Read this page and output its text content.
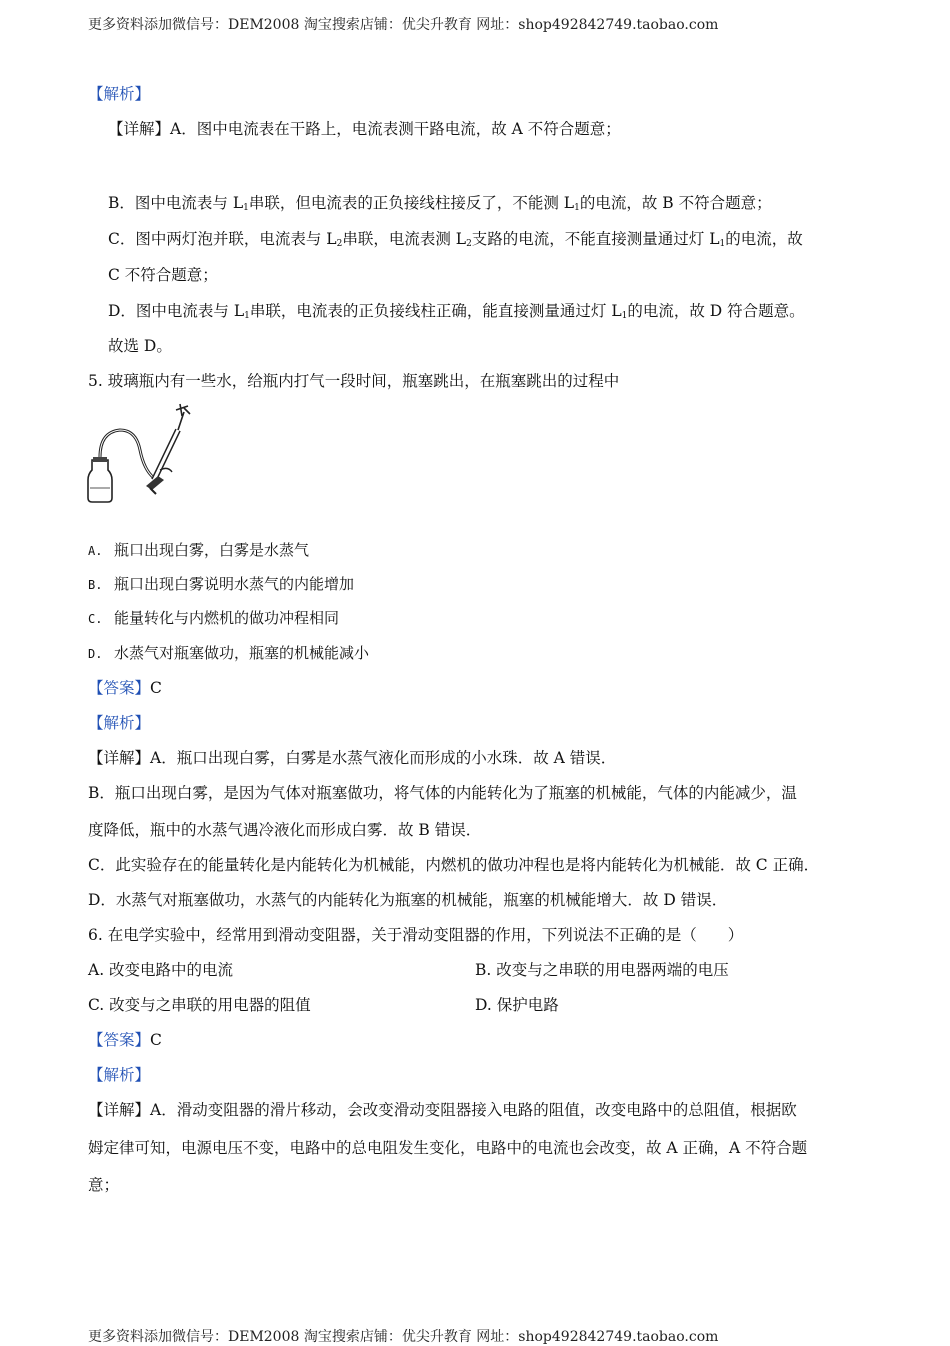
更多资料添加微信号：DEM2008 淘宝搜索店铺：优尖升教育 网址：shop492842749.taobao.com
【解析】
【详解】A．图中电流表在干路上，电流表测干路电流，故 A 不符合题意；
B．图中电流表与 $L_1$串联，但电流表的正负接线柱接反了，不能测 $L_1$的电流，故 B 不符合题意；
C．图中两灯泡并联，电流表与 $L_2$串联，电流表测 $L_2$支路的电流，不能直接测量通过灯 $L_1$的电流，故
C 不符合题意；
D．图中电流表与 $L_1$串联，电流表的正负接线柱正确，能直接测量通过灯 $L_1$的电流，故 D 符合题意。
故选 D。
5. 玻璃瓶内有一些水，给瓶内打气一段时间，瓶塞跳出，在瓶塞跳出的过程中
A. 瓶口出现白雾，白雾是水蒸气
B. 瓶口出现白雾说明水蒸气的内能增加
C. 能量转化与内燃机的做功冲程相同
D. 水蒸气对瓶塞做功，瓶塞的机械能减小
【答案】C
【解析】
【详解】A．瓶口出现白雾，白雾是水蒸气液化而形成的小水珠．故 A 错误．
B．瓶口出现白雾，是因为气体对瓶塞做功，将气体的内能转化为了瓶塞的机械能，气体的内能减少，温
度降低，瓶中的水蒸气遇冷液化而形成白雾．故 B 错误．
C．此实验存在的能量转化是内能转化为机械能，内燃机的做功冲程也是将内能转化为机械能．故 C 正确．
D．水蒸气对瓶塞做功，水蒸气的内能转化为瓶塞的机械能，瓶塞的机械能增大．故 D 错误．
6. 在电学实验中，经常用到滑动变阻器，关于滑动变阻器的作用，下列说法不正确的是（　　）
A. 改变电路中的电流	B. 改变与之串联的用电器两端的电压
C. 改变与之串联的用电器的阻值	D. 保护电路
【答案】C
【解析】
【详解】A．滑动变阻器的滑片移动，会改变滑动变阻器接入电路的阻值，改变电路中的总阻值，根据欧
姆定律可知，电源电压不变，电路中的总电阻发生变化，电路中的电流也会改变，故 A 正确，A 不符合题
意；
更多资料添加微信号：DEM2008 淘宝搜索店铺：优尖升教育 网址：shop492842749.taobao.com
